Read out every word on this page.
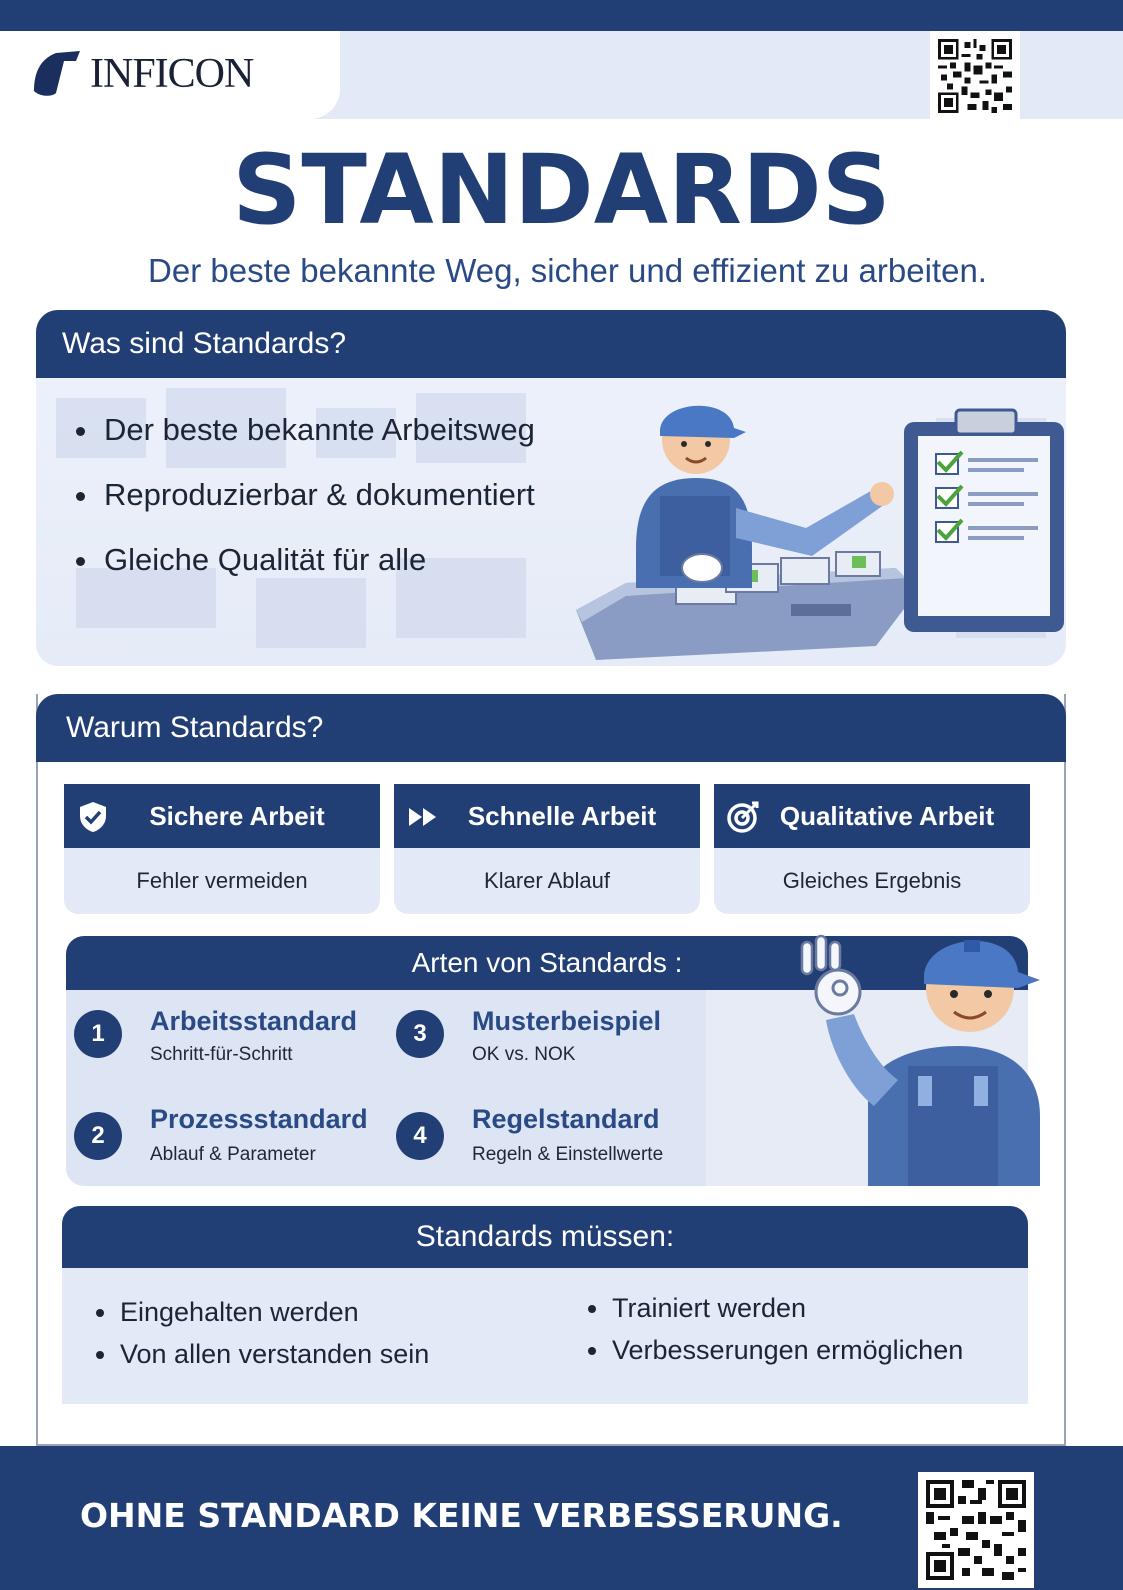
INFICON
STANDARDS
Der beste bekannte Weg, sicher und effizient zu arbeiten.
Was sind Standards?
Der beste bekannte Arbeitsweg
Reproduzierbar & dokumentiert
Gleiche Qualität für alle
Warum Standards?
Sichere Arbeit
Fehler vermeiden
Schnelle Arbeit
Klarer Ablauf
Qualitative Arbeit
Gleiches Ergebnis
Arten von Standards :
1	Arbeitsstandard
Schritt-für-Schritt
2
Prozessstandard
Ablauf & Parameter
3	Musterbeispiel
OK vs. NOK
4
Regelstandard
Regeln & Einstellwerte
Standards müssen:
Eingehalten werden
Von allen verstanden sein
Trainiert werden
Verbesserungen ermöglichen
OHNE STANDARD KEINE VERBESSERUNG.
